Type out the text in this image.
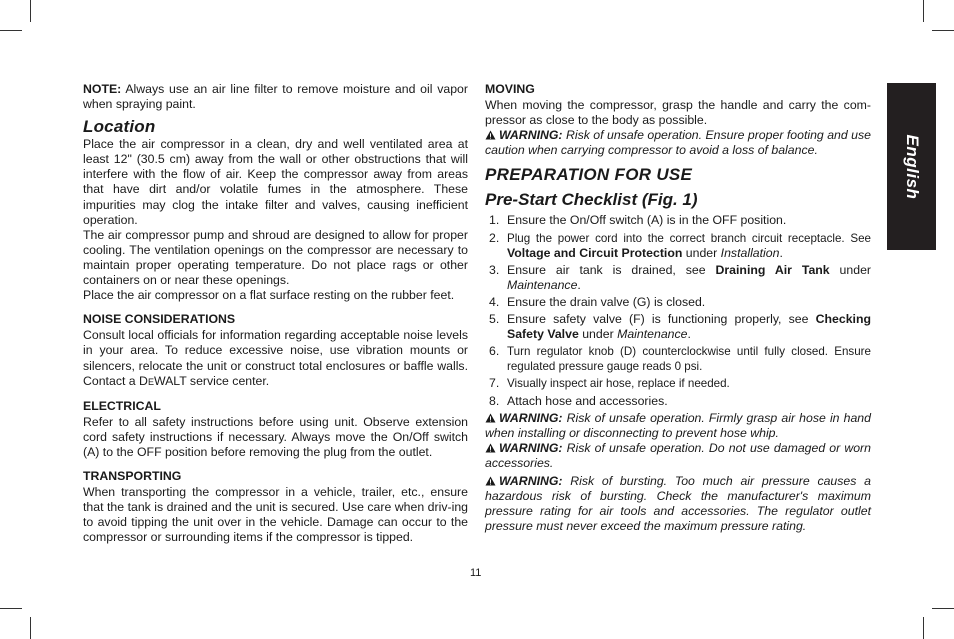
NOTE: Always use an air line filter to remove moisture and oil vapor when spraying paint.

Location

Place the air compressor in a clean, dry and well ventilated area at least 12" (30.5 cm) away from the wall or other obstructions that will interfere with the flow of air. Keep the compressor away from areas that have dirt and/or volatile fumes in the atmosphere. These impurities may clog the intake filter and valves, causing inefficient operation.

The air compressor pump and shroud are designed to allow for proper cooling. The ventilation openings on the compressor are necessary to maintain proper operating temperature. Do not place rags or other containers on or near these openings.

Place the air compressor on a flat surface resting on the rubber feet.

NOISE CONSIDERATIONS

Consult local officials for information regarding acceptable noise levels in your area. To reduce excessive noise, use vibration mounts or silencers, relocate the unit or construct total enclosures or baffle walls. Contact a DEWALT service center.

ELECTRICAL

Refer to all safety instructions before using unit. Observe extension cord safety instructions if necessary. Always move the On/Off switch (A) to the OFF position before removing the plug from the outlet.

TRANSPORTING

When transporting the compressor in a vehicle, trailer, etc., ensure that the tank is drained and the unit is secured. Use care when driv-ing to avoid tipping the unit over in the vehicle. Damage can occur to the compressor or surrounding items if the compressor is tipped.

MOVING

When moving the compressor, grasp the handle and carry the com-pressor as close to the body as possible.

WARNING: Risk of unsafe operation. Ensure proper footing and use caution when carrying compressor to avoid a loss of balance.

PREPARATION FOR USE
Pre-Start Checklist (Fig. 1)
1. Ensure the On/Off switch (A) is in the OFF position.
2. Plug the power cord into the correct branch circuit receptacle. See Voltage and Circuit Protection under Installation.
3. Ensure air tank is drained, see Draining Air Tank under Maintenance.
4. Ensure the drain valve (G) is closed.
5. Ensure safety valve (F) is functioning properly, see Checking Safety Valve under Maintenance.
6. Turn regulator knob (D) counterclockwise until fully closed. Ensure regulated pressure gauge reads 0 psi.
7. Visually inspect air hose, replace if needed.
8. Attach hose and accessories.

WARNING: Risk of unsafe operation. Firmly grasp air hose in hand when installing or disconnecting to prevent hose whip.

WARNING: Risk of unsafe operation. Do not use damaged or worn accessories.

WARNING: Risk of bursting. Too much air pressure causes a hazardous risk of bursting. Check the manufacturer's maximum pressure rating for air tools and accessories. The regulator outlet pressure must never exceed the maximum pressure rating.

English
11
